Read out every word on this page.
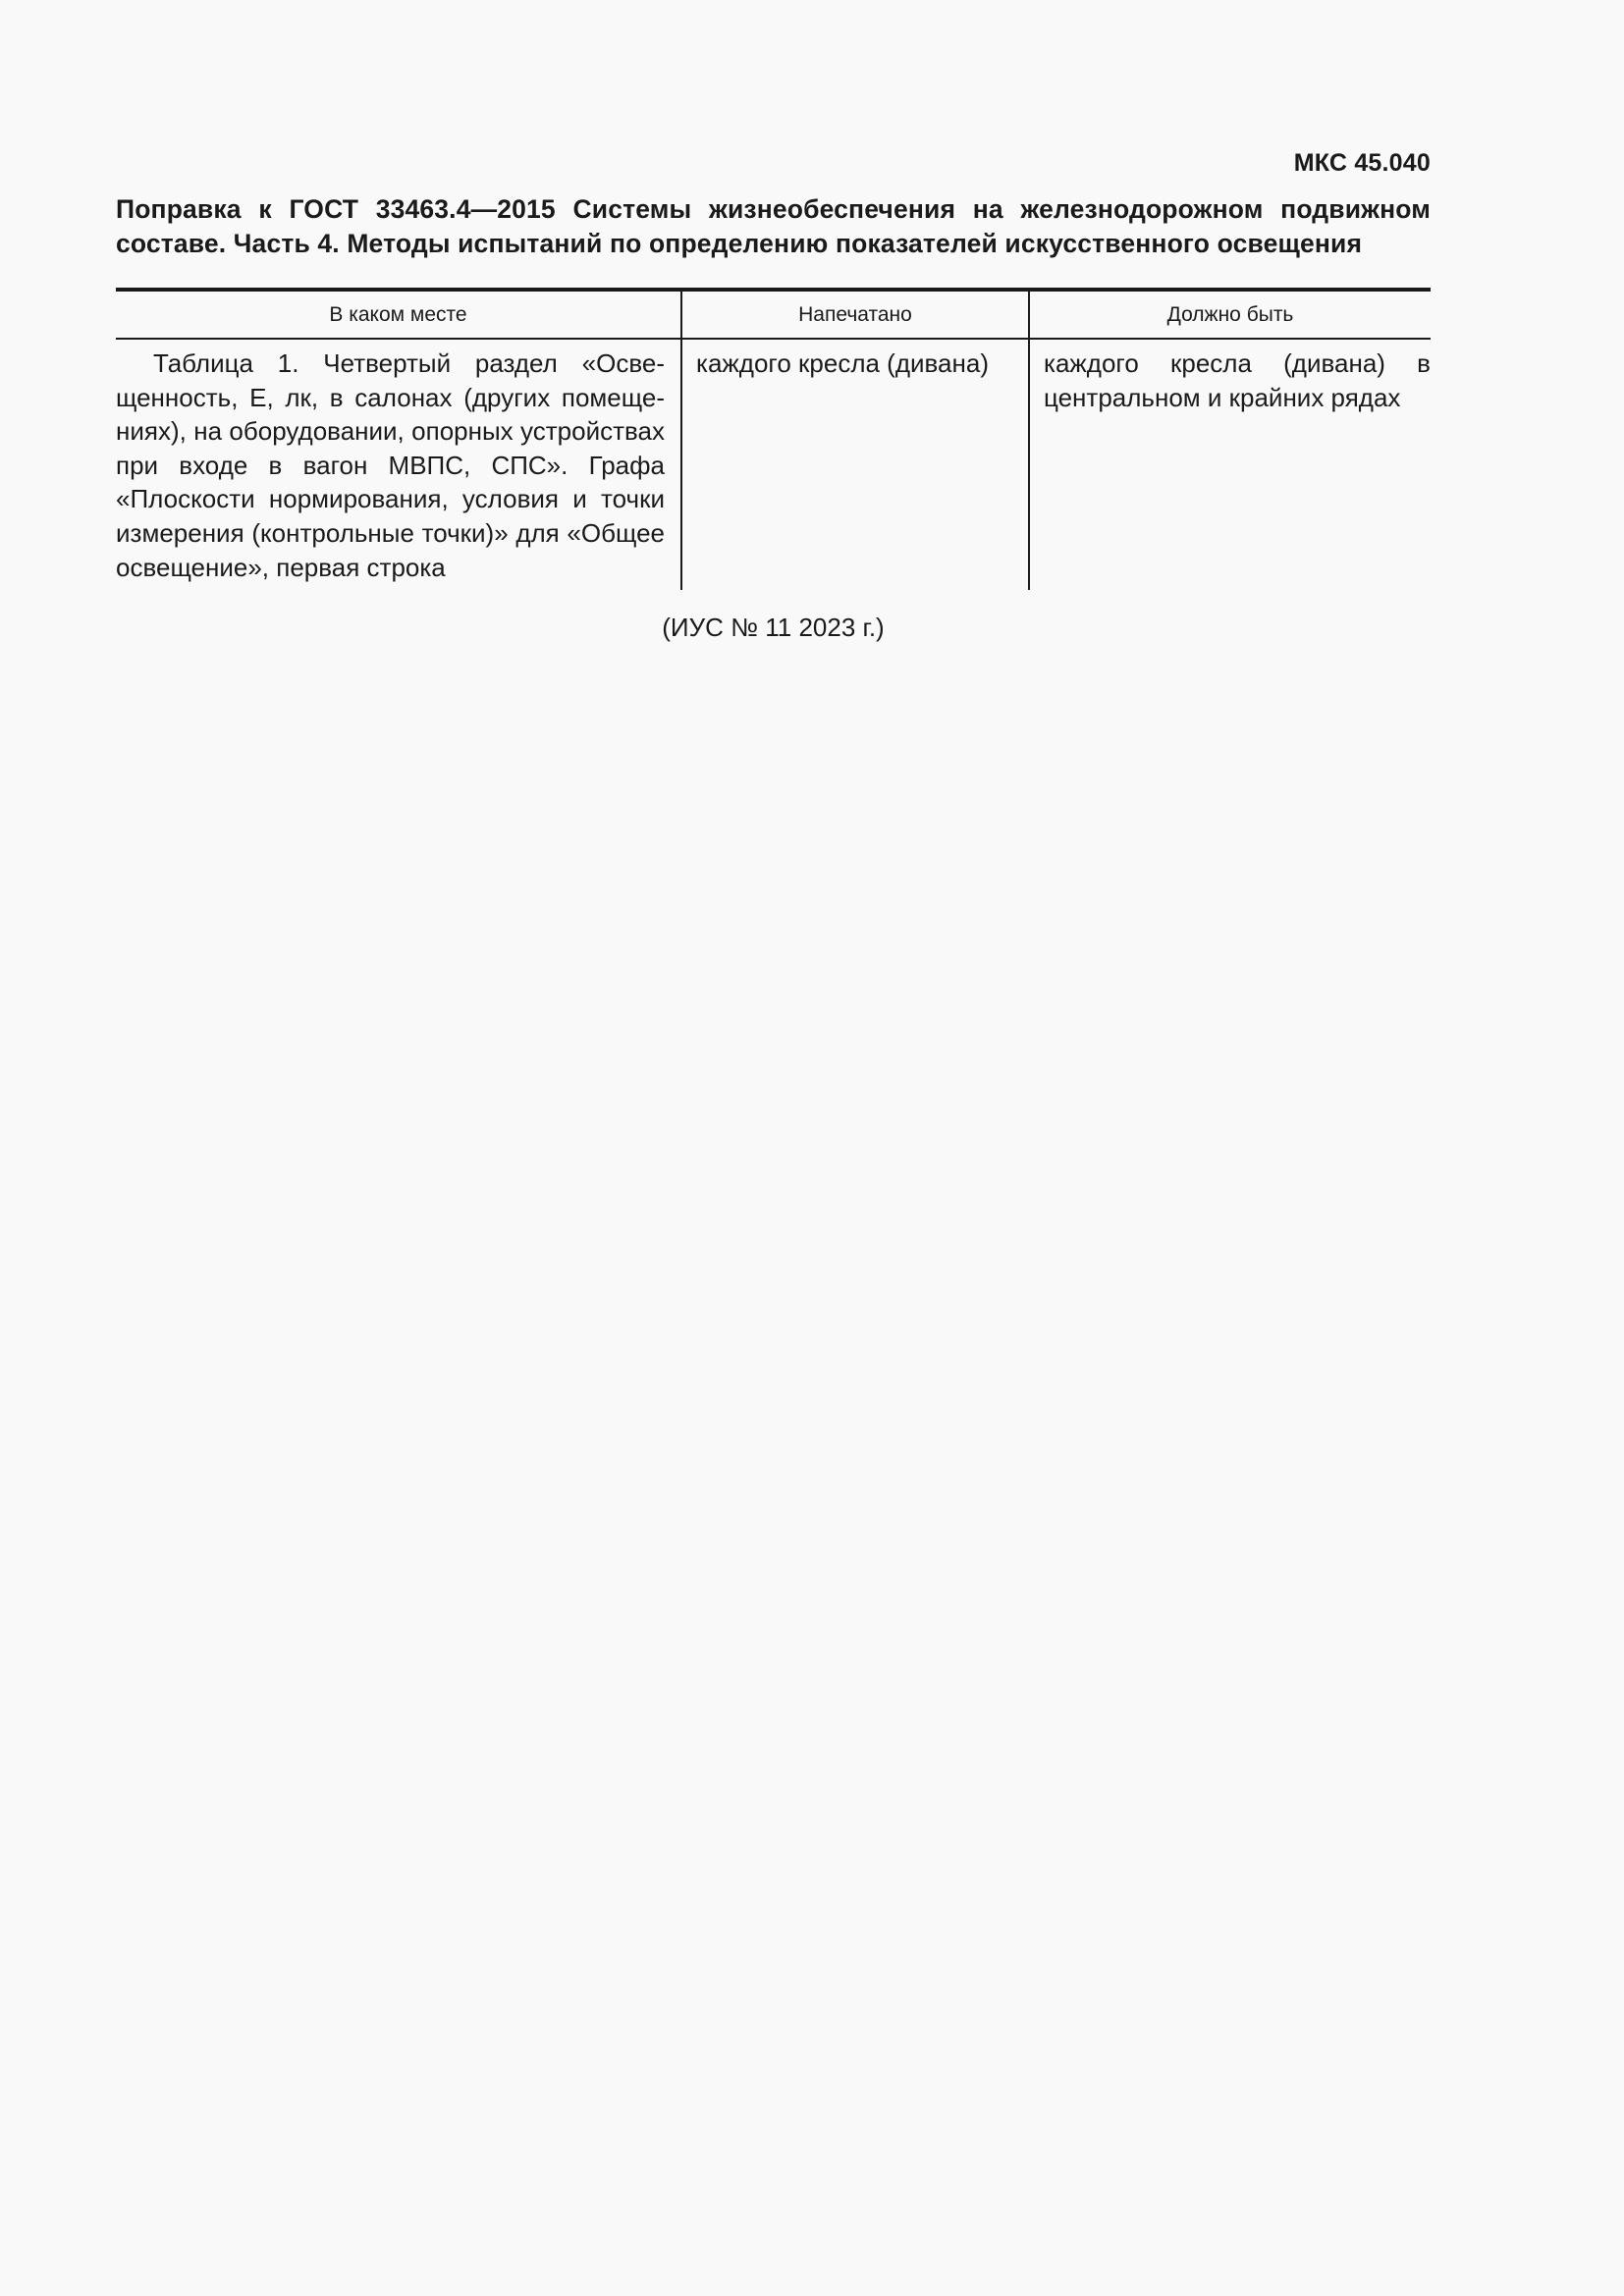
МКС 45.040
Поправка к ГОСТ 33463.4—2015 Системы жизнеобеспечения на железнодорожном подвижном составе. Часть 4. Методы испытаний по определению показателей искусственного освещения
В каком месте	Напечатано	Должно быть

Таблица 1. Четвертый раздел «Освещенность, Е, лк, в салонах (других помещениях), на оборудовании, опорных устройствах при входе в вагон МВПС, СПС». Графа «Плоскости нормирования, условия и точки измерения (контрольные точки)» для «Общее освещение», первая строка	каждого кресла (дивана)	каждого кресла (дивана) в центральном и крайних рядах
(ИУС № 11 2023 г.)
